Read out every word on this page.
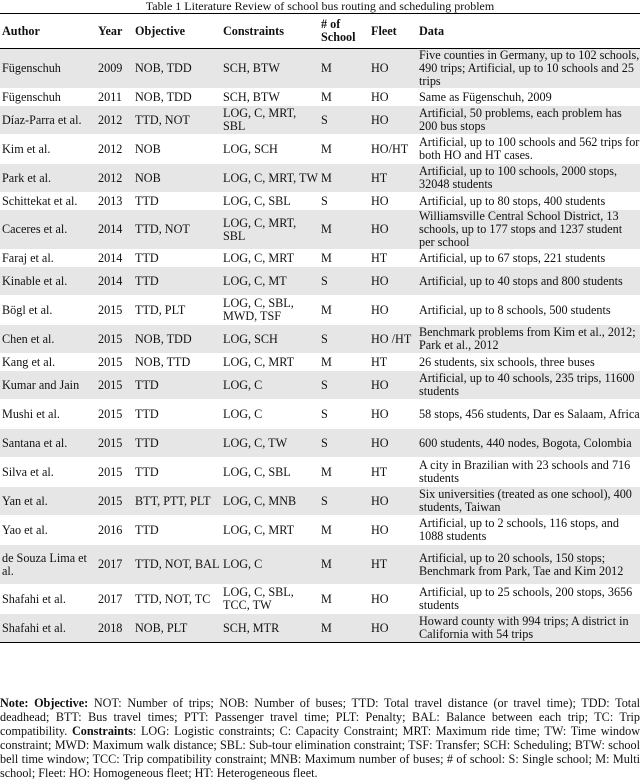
Table 1 Literature Review of school bus routing and scheduling problem
Author	Year	Objective	Constraints	# of School	Fleet	Data
Fügenschuh	2009	NOB, TDD	SCH, BTW	M	HO	Five counties in Germany, up to 102 schools, 490 trips; Artificial, up to 10 schools and 25 trips
Fügenschuh	2011	NOB, TDD	SCH, BTW	M	HO	Same as Fügenschuh, 2009
Díaz-Parra et al.	2012	TTD, NOT	LOG, C, MRT, SBL	S	HO	Artificial, 50 problems, each problem has 200 bus stops
Kim et al.	2012	NOB	LOG, SCH	M	HO/HT	Artificial, up to 100 schools and 562 trips for both HO and HT cases.
Park et al.	2012	NOB	LOG, C, MRT, TW	M	HT	Artificial, up to 100 schools, 2000 stops, 32048 students
Schittekat et al.	2013	TTD	LOG, C, SBL	S	HO	Artificial, up to 80 stops, 400 students
Caceres et al.	2014	TTD, NOT	LOG, C, MRT, SBL	M	HO	Williamsville Central School District, 13 schools, up to 177 stops and 1237 student per school
Faraj et al.	2014	TTD	LOG, C, MRT	M	HT	Artificial, up to 67 stops, 221 students
Kinable et al.	2014	TTD	LOG, C, MT	S	HO	Artificial, up to 40 stops and 800 students
Bögl et al.	2015	TTD, PLT	LOG, C, SBL, MWD, TSF	M	HO	Artificial, up to 8 schools, 500 students
Chen et al.	2015	NOB, TDD	LOG, SCH	S	HO /HT	Benchmark problems from Kim et al., 2012; Park et al., 2012
Kang et al.	2015	NOB, TTD	LOG, C, MRT	M	HT	26 students, six schools, three buses
Kumar and Jain	2015	TTD	LOG, C	S	HO	Artificial, up to 40 schools, 235 trips, 11600 students
Mushi et al.	2015	TTD	LOG, C	S	HO	58 stops, 456 students, Dar es Salaam, Africa
Santana et al.	2015	TTD	LOG, C, TW	S	HO	600 students, 440 nodes, Bogota, Colombia
Silva et al.	2015	TTD	LOG, C, SBL	M	HT	A city in Brazilian with 23 schools and 716 students
Yan et al.	2015	BTT, PTT, PLT	LOG, C, MNB	S	HO	Six universities (treated as one school), 400 students, Taiwan
Yao et al.	2016	TTD	LOG, C, MRT	M	HO	Artificial, up to 2 schools, 116 stops, and 1088 students
de Souza Lima et al.	2017	TTD, NOT, BAL	LOG, C	M	HT	Artificial, up to 20 schools, 150 stops; Benchmark from Park, Tae and Kim 2012
Shafahi et al.	2017	TTD, NOT, TC	LOG, C, SBL, TCC, TW	M	HO	Artificial, up to 25 schools, 200 stops, 3656 students
Shafahi et al.	2018	NOB, PLT	SCH, MTR	M	HO	Howard county with 994 trips; A district in California with 54 trips
Note: Objective: NOT: Number of trips; NOB: Number of buses; TTD: Total travel distance (or travel time); TDD: Total deadhead; BTT: Bus travel times; PTT: Passenger travel time; PLT: Penalty; BAL: Balance between each trip; TC: Trip compatibility. Constraints: LOG: Logistic constraints; C: Capacity Constraint; MRT: Maximum ride time; TW: Time window constraint; MWD: Maximum walk distance; SBL: Sub-tour elimination constraint; TSF: Transfer; SCH: Scheduling; BTW: school bell time window; TCC: Trip compatibility constraint; MNB: Maximum number of buses; # of school: S: Single school; M: Multi school; Fleet: HO: Homogeneous fleet; HT: Heterogeneous fleet.
